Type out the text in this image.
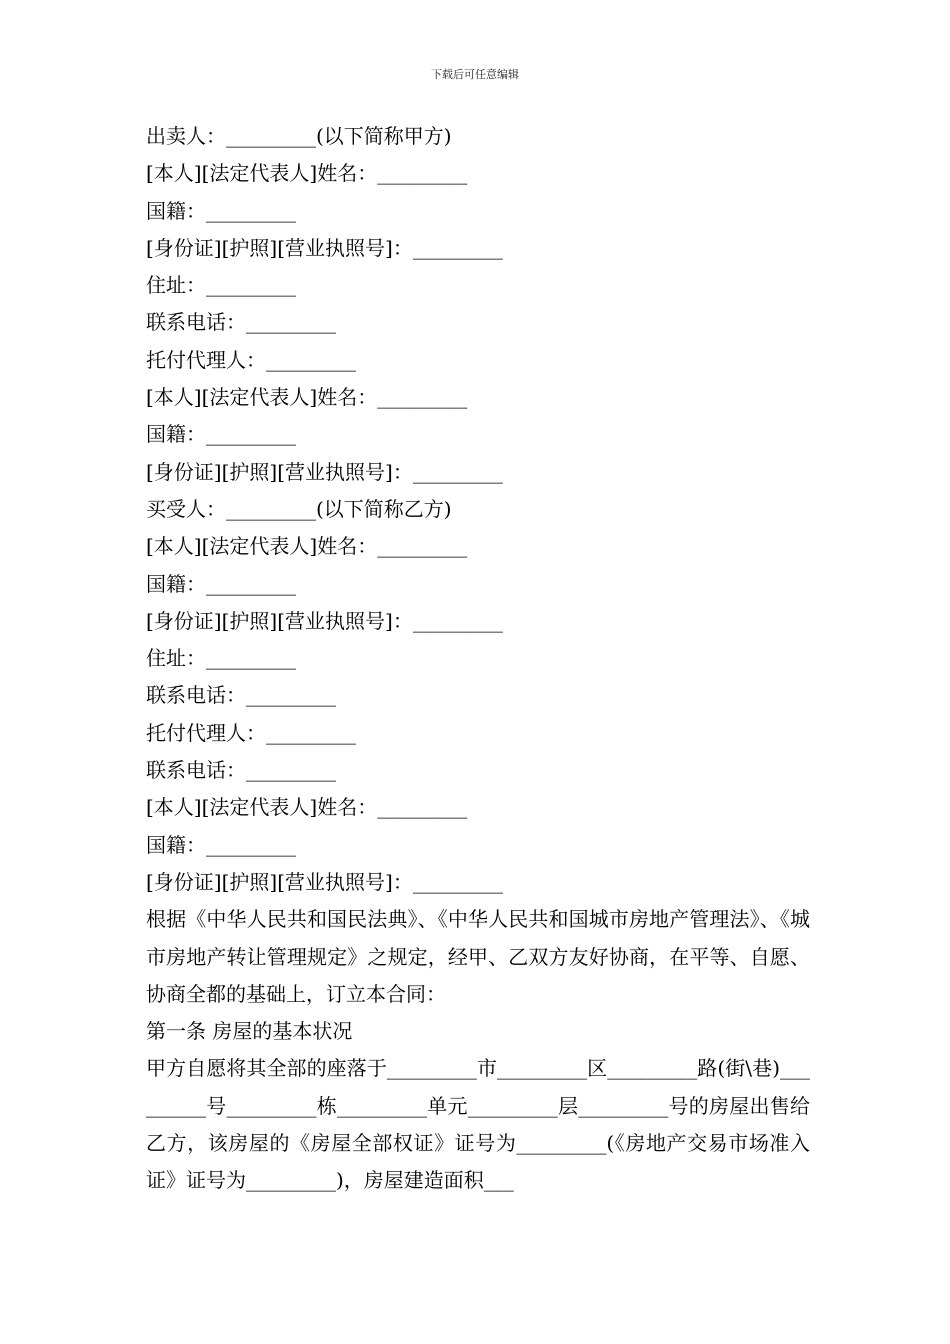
下载后可任意编辑
出卖人：_________(以下简称甲方)
[本人][法定代表人]姓名：_________
国籍：_________
[身份证][护照][营业执照号]：_________
住址：_________
联系电话：_________
托付代理人：_________
[本人][法定代表人]姓名：_________
国籍：_________
[身份证][护照][营业执照号]：_________
买受人：_________(以下简称乙方)
[本人][法定代表人]姓名：_________
国籍：_________
[身份证][护照][营业执照号]：_________
住址：_________
联系电话：_________
托付代理人：_________
联系电话：_________
[本人][法定代表人]姓名：_________
国籍：_________
[身份证][护照][营业执照号]：_________
根据《中华人民共和国民法典》、《中华人民共和国城市房地产管理法》、《城市房地产转让管理规定》之规定，经甲、乙双方友好协商，在平等、自愿、协商全都的基础上，订立本合同：
第一条 房屋的基本状况
甲方自愿将其全部的座落于_________市_________区_________路(街\巷)_________号_________栋_________单元_________层_________号的房屋出售给乙方，该房屋的《房屋全部权证》证号为_________(《房地产交易市场准入证》证号为_________)，房屋建造面积___
